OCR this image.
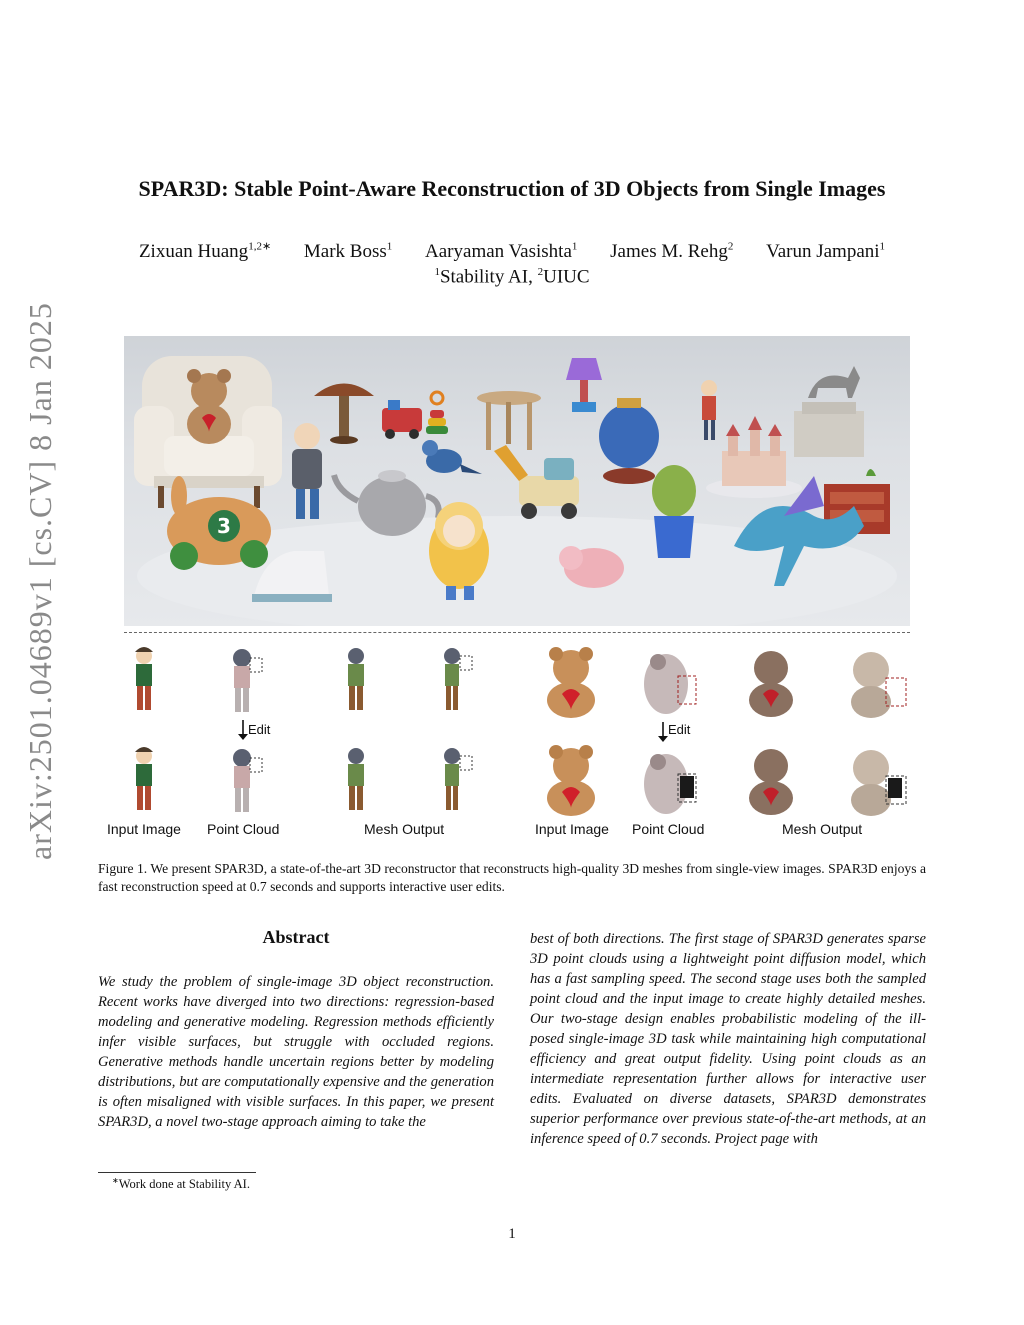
arXiv:2501.04689v1 [cs.CV] 8 Jan 2025
SPAR3D: Stable Point-Aware Reconstruction of 3D Objects from Single Images
Zixuan Huang$^{1,2∗}$ Mark Boss$^1$ Aaryaman Vasishta$^1$ James M. Rehg$^2$ Varun Jampani$^1$
$^1$Stability AI, $^2$UIUC
3
Edit	Edit
Input Image Point Cloud	Mesh Output	Input Image Point Cloud	Mesh Output
Figure 1. We present SPAR3D, a state-of-the-art 3D reconstructor that reconstructs high-quality 3D meshes from single-view images. SPAR3D enjoys a fast reconstruction speed at 0.7 seconds and supports interactive user edits.
Abstract
We study the problem of single-image 3D object reconstruction. Recent works have diverged into two directions: regression-based modeling and generative modeling. Regression methods efficiently infer visible surfaces, but struggle with occluded regions. Generative methods handle uncertain regions better by modeling distributions, but are computationally expensive and the generation is often misaligned with visible surfaces. In this paper, we present SPAR3D, a novel two-stage approach aiming to take the
best of both directions. The first stage of SPAR3D generates sparse 3D point clouds using a lightweight point diffusion model, which has a fast sampling speed. The second stage uses both the sampled point cloud and the input image to create highly detailed meshes. Our two-stage design enables probabilistic modeling of the ill-posed single-image 3D task while maintaining high computational efficiency and great output fidelity. Using point clouds as an intermediate representation further allows for interactive user edits. Evaluated on diverse datasets, SPAR3D demonstrates superior performance over previous state-of-the-art methods, at an inference speed of 0.7 seconds. Project page with
∗Work done at Stability AI.
1
